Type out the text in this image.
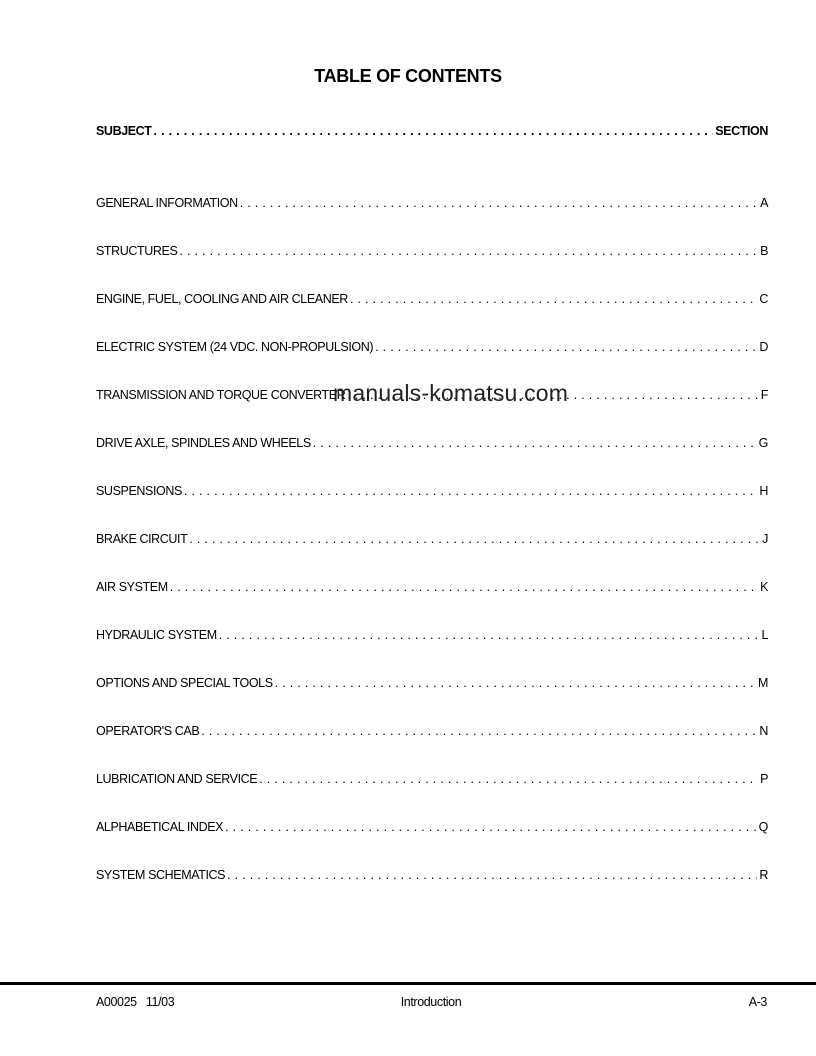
TABLE OF CONTENTS
SUBJECT . . .	SECTION
GENERAL INFORMATION . . .	A
STRUCTURES . . .	B
ENGINE, FUEL, COOLING AND AIR CLEANER . . .	C
ELECTRIC SYSTEM (24 VDC. NON-PROPULSION) . . .	D
TRANSMISSION AND TORQUE CONVERTER . . .	F
DRIVE AXLE, SPINDLES AND WHEELS . . .	G
SUSPENSIONS . . .	H
BRAKE CIRCUIT . . .	J
AIR SYSTEM . . .	K
HYDRAULIC SYSTEM . . .	L
OPTIONS AND SPECIAL TOOLS . . .	M
OPERATOR'S CAB . . .	N
LUBRICATION AND SERVICE . . .	P
ALPHABETICAL INDEX . . .	Q
SYSTEM SCHEMATICS . . .	R
manuals-komatsu.com
A00025   11/03	Introduction	A-3
